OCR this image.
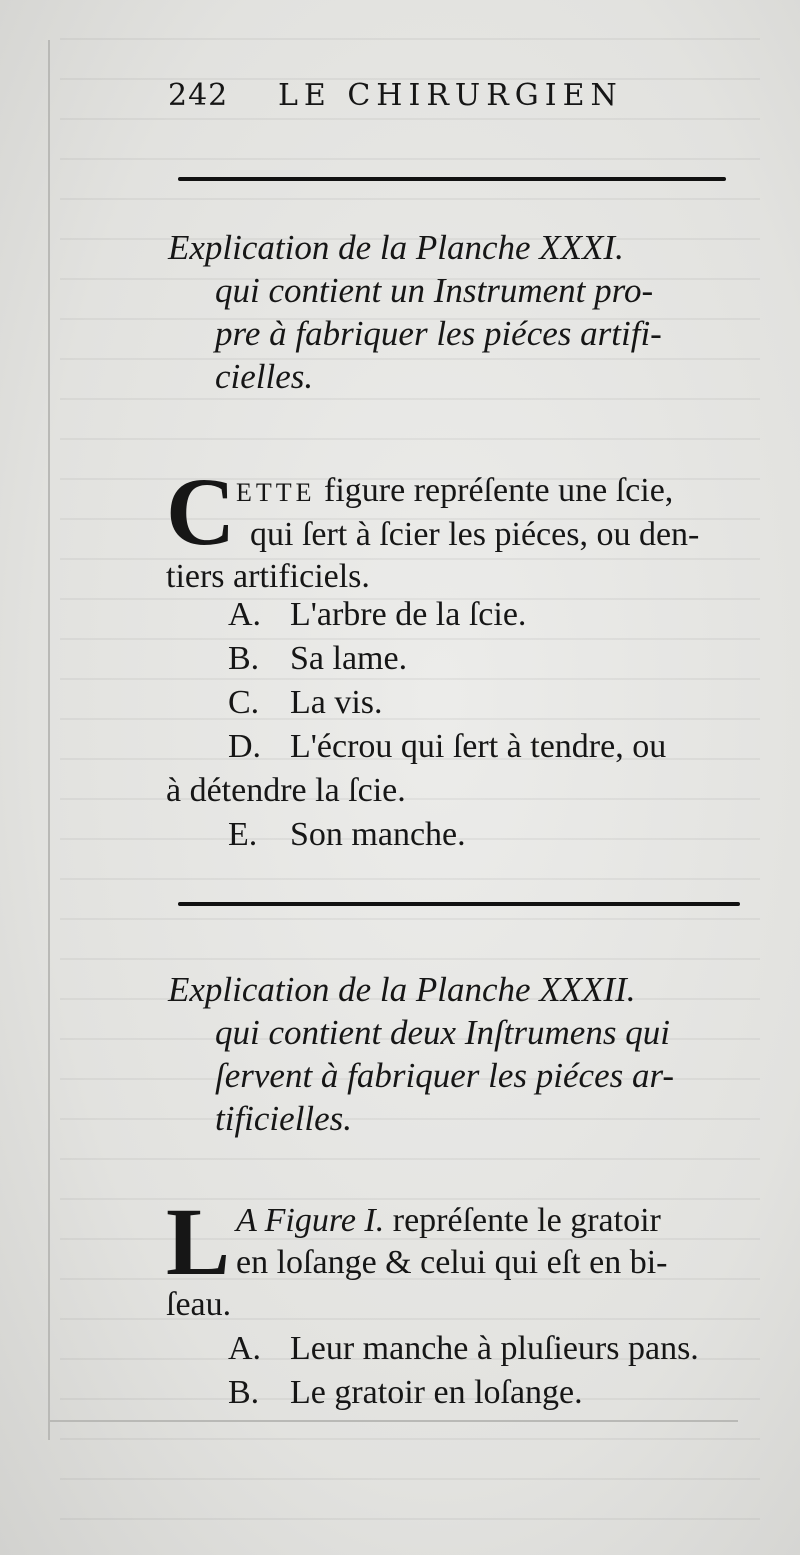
242 LE CHIRURGIEN
Explication de la Planche XXXI.
qui contient un Instrument pro-
pre à fabriquer les piéces artifi-
cielles.
C ETTE figure repréſente une ſcie,
qui ſert à ſcier les piéces, ou den-
tiers artificiels.
A. L'arbre de la ſcie.
B. Sa lame.
C. La vis.
D. L'écrou qui ſert à tendre, ou
à détendre la ſcie.
E. Son manche.
Explication de la Planche XXXII.
qui contient deux Inſtrumens qui
ſervent à fabriquer les piéces ar-
tificielles.
L A Figure I. repréſente le gratoir
en loſange & celui qui eſt en bi-
ſeau.
A. Leur manche à pluſieurs pans.
B. Le gratoir en loſange.
